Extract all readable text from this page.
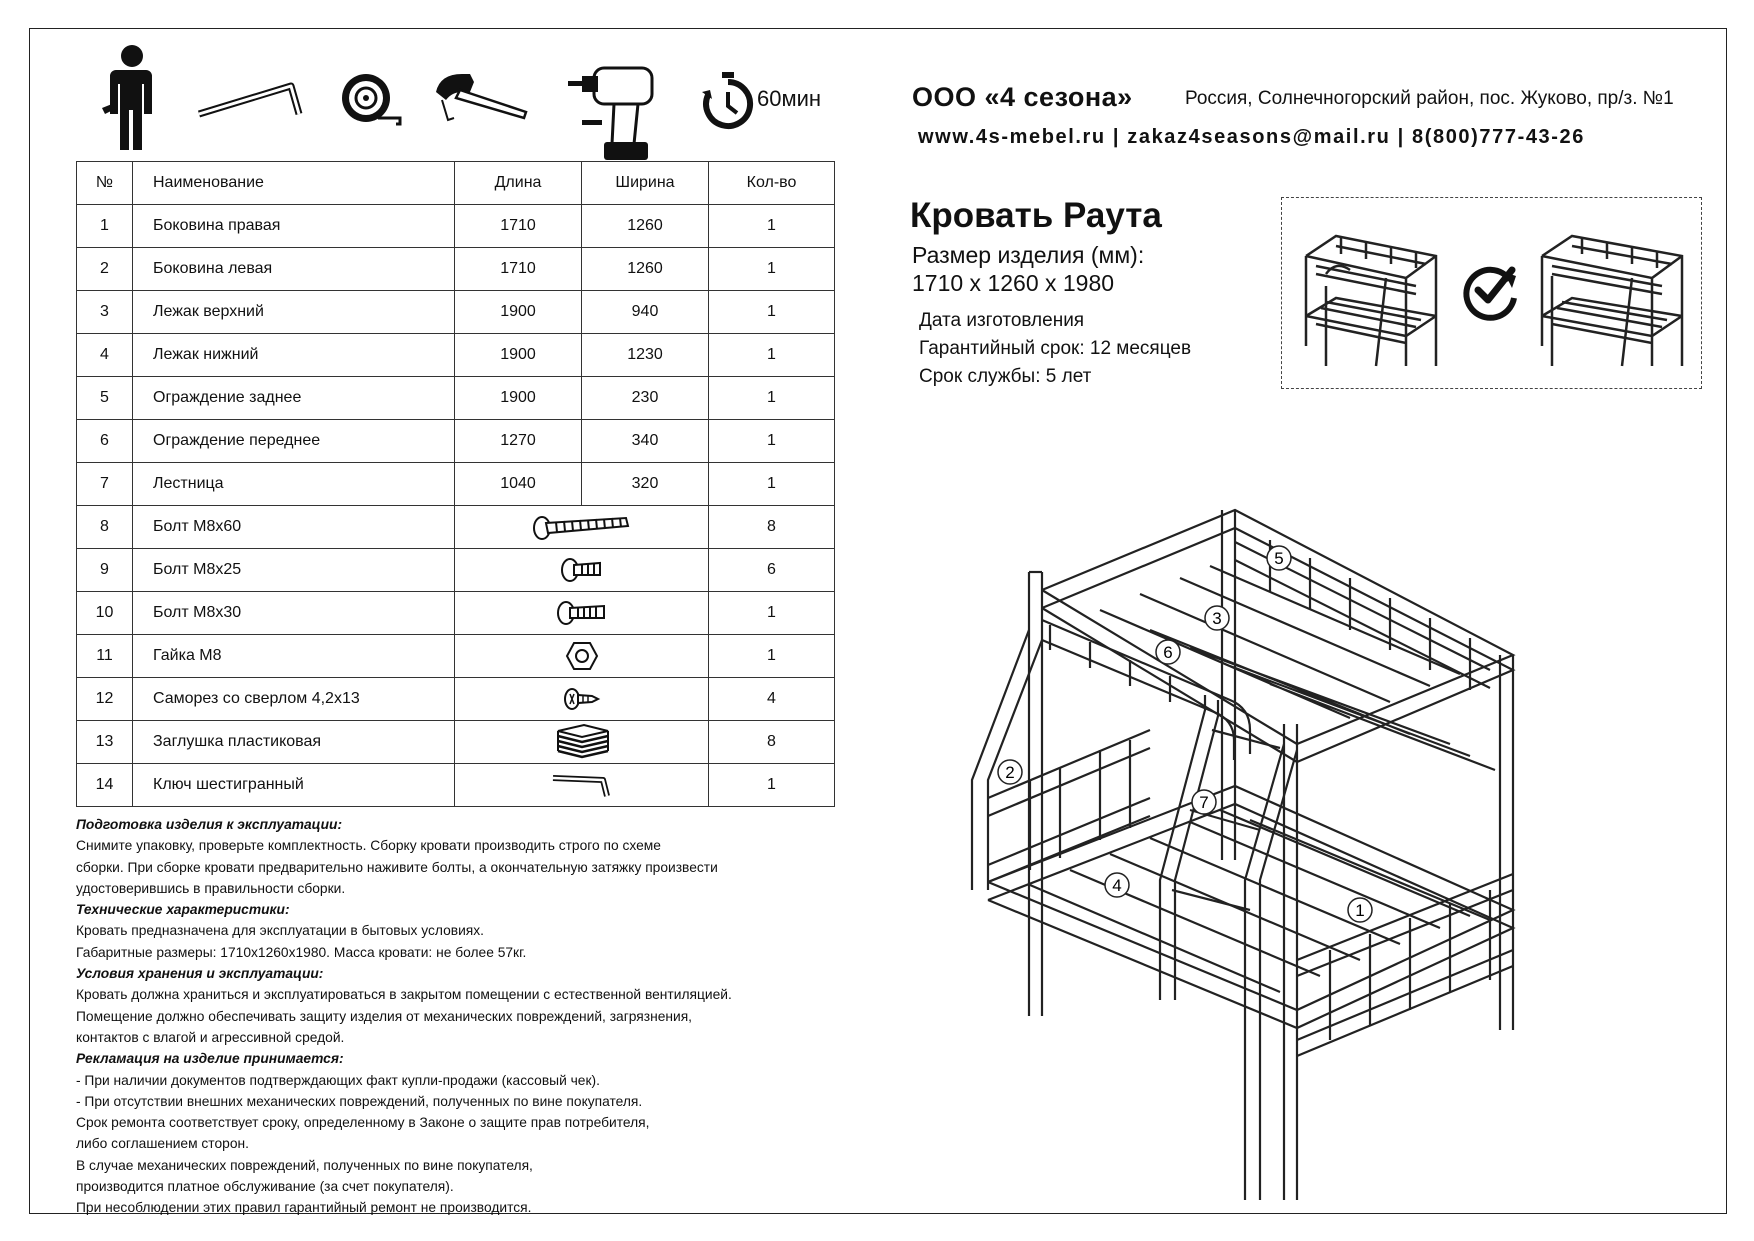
60мин
№	Наименование	Длина	Ширина	Кол-во
1	Боковина правая	1710	1260	1
2	Боковина левая	1710	1260	1
3	Лежак верхний	1900	940	1
4	Лежак нижний	1900	1230	1
5	Ограждение заднее	1900	230	1
6	Ограждение переднее	1270	340	1
7	Лестница	1040	320	1
8	Болт М8х60			8
9	Болт М8х25			6
10	Болт М8х30			1
11	Гайка М8			1
12	Саморез со сверлом 4,2х13			4
13	Заглушка пластиковая			8
14	Ключ шестигранный			1

Подготовка изделия к эксплуатации:

Снимите упаковку, проверьте комплектность. Сборку кровати производить строго по схеме

сборки. При сборке кровати предварительно наживите болты, а окончательную затяжку произвести

удостоверившись в правильности сборки.

Технические характеристики:

Кровать предназначена для эксплуатации в бытовых условиях.

Габаритные размеры: 1710х1260х1980. Масса кровати: не более 57кг.

Условия хранения и эксплуатации:

Кровать должна храниться и эксплуатироваться в закрытом помещении с естественной вентиляцией.

Помещение должно обеспечивать защиту изделия от механических повреждений, загрязнения,

контактов с влагой и агрессивной средой.

Рекламация на изделие принимается:

- При наличии документов подтверждающих факт купли-продажи (кассовый чек).

- При отсутствии внешних механических повреждений, полученных по вине покупателя.

Срок ремонта соответствует сроку, определенному в Законе о защите прав потребителя,

либо соглашением сторон.

В случае механических повреждений, полученных по вине покупателя,

производится платное обслуживание (за счет покупателя).

При несоблюдении этих правил гарантийный ремонт не производится.

ООО «4 сезона»	Россия, Солнечногорский район, пос. Жуково, пр/з. №1
www.4s-mebel.ru | zakaz4seasons@mail.ru | 8(800)777-43-26
Кровать Раута
Размер изделия (мм):
1710 х 1260 х 1980
Дата изготовления
Гарантийный срок: 12 месяцев
Срок службы: 5 лет
1
2
3
4
5
6
7
